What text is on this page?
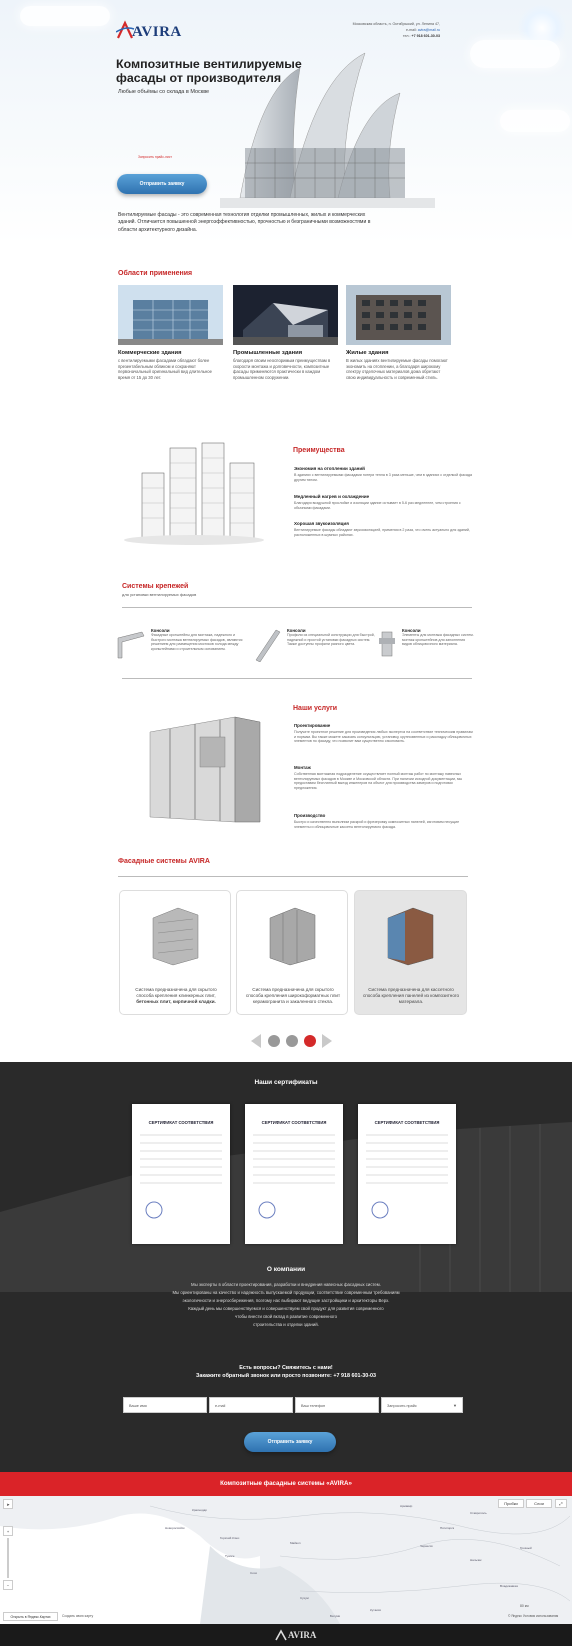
AVIRA	Московская область, п. Октябрьский, ул. Ленина 47,
e-mail: avira@mail.ru
тел.: +7 918 601-30-03
Композитные вентилируемые фасады от производителя
Любые объёмы со склада в Москве
Запросить прайс-лист
Отправить заявку
Вентилируемые фасады - это современная технология отделки промышленных, жилых и коммерческих зданий. Отличается повышенной энергоэффективностью, прочностью и безграничными возможностями в области архитектурного дизайна.
Области применения
Коммерческие здания
с вентилируемыми фасадами обладают более презентабельным обликом и сохраняют первоначальный оригинальный вид длительное время от 15 до 30 лет.
Промышленные здания
благодаря своим неоспоримым преимуществам в скорости монтажа и долговечности, композитные фасады применяются практически в каждом промышленном сооружении.
Жилые здания
В жилых зданиях вентилируемые фасады помогают экономить на отоплении, а благодаря широкому спектру отделочных материалов дома обретают свою индивидуальность и современный стиль.
Преимущества
Экономия на отоплении зданий
В зданиях с вентилируемыми фасадами потери тепла в 3 раза меньше, чем в зданиях с отделкой фасада другим типом.
Медленный нагрев и охлаждение
Благодаря воздушной прослойке и изоляции здание остывает в 5-6 раз медленнее, чем строения с обычными фасадами.
Хорошая звукоизоляция
Вентилируемые фасады обладают звукоизоляцией, применяя в 2 раза, что очень актуально для зданий, расположенных в шумных районах.
Системы крепежей
для установки вентилируемых фасадов
Консоли
Фасадные кронштейны для монтажа, надежного и быстрого монтажа вентилируемых фасадов, являются решением для размещения мостиков холода между кронштейнами и строительным основанием.
Консоли
Профили из специальной конструкции для быстрой, надежной и простой установки фасадных систем. Также доступны профили разного цвета.
Консоли
Элементы для монтажа фасадных систем. монтаж кронштейнов для заполнения видов облицовочного материала.
Наши услуги
Проектирование
Получите проектное решение для произведения любых экспертиз на соответствие техническим правилам и нормам. Вы также можете заказать консультацию, установку, крупнозвенных и раскладку облицовочных элементов по фасаду, что позволит вам существенно сэкономить.
Монтаж
Собственная монтажная подразделение осуществляет полный монтаж работ по монтажу навесных вентилируемых фасадов в Москве и Московской области. При наличии исходной документации, мы предоставим бесплатный выезд инженеров на объект для производства замеров и подготовки предложения.
Производство
Быстро и качественно выполним раскрой и фрезеровку композитных панелей, изготовим несущие элементы и облицовочные кассеты вентилируемого фасада.
Фасадные системы AVIRA
Система предназначена для скрытого способа крепления клинкерных плит, бетонных плит, кирпичной кладки.
Система предназначена для скрытого способа крепления широкоформатных плит керамогранита и закаленного стекла.
Система предназначена для кассетного способа крепления панелей из композитного материала.
Наши сертификаты
СЕРТИФИКАТ СООТВЕТСТВИЯ	СЕРТИФИКАТ СООТВЕТСТВИЯ	СЕРТИФИКАТ СООТВЕТСТВИЯ
О компании
Мы эксперты в области проектирования, разработки и внедрения навесных фасадных систем.
Мы ориентированы на качество и надежность выпускаемой продукции, соответствие современным требованиям
экологичности и энергосбережения, поэтому нас выбирают ведущие застройщики и архитекторы Верх.
Каждый день мы совершенствуемся и совершенствуем свой продукт для развития современного
чтобы внести свой вклад в развитие современного
строительства и отделки зданий.
Есть вопросы? Свяжитесь с нами!
Закажите обратный звонок или просто позвоните: +7 918 601-30-03
Ваше имя	e-mail	Ваш телефон	Запросить прайс	▼
Отправить заявку
Композитные фасадные системы «AVIRA»
Краснодар
Новороссийск
Армавир
Сочи
Ставрополь
Черкесск
Нальчик
Сухум
Кутаиси
Грозный
Горячий Ключ
Туапсе
Майкоп
Пятигорск
Владикавказ
Батуми
➤
+
−
Пробки	Слои	⤢
Открыть в Яндекс.Картах	Создать свою карту
80 км
© Яндекс Условия использования
AVIRA
